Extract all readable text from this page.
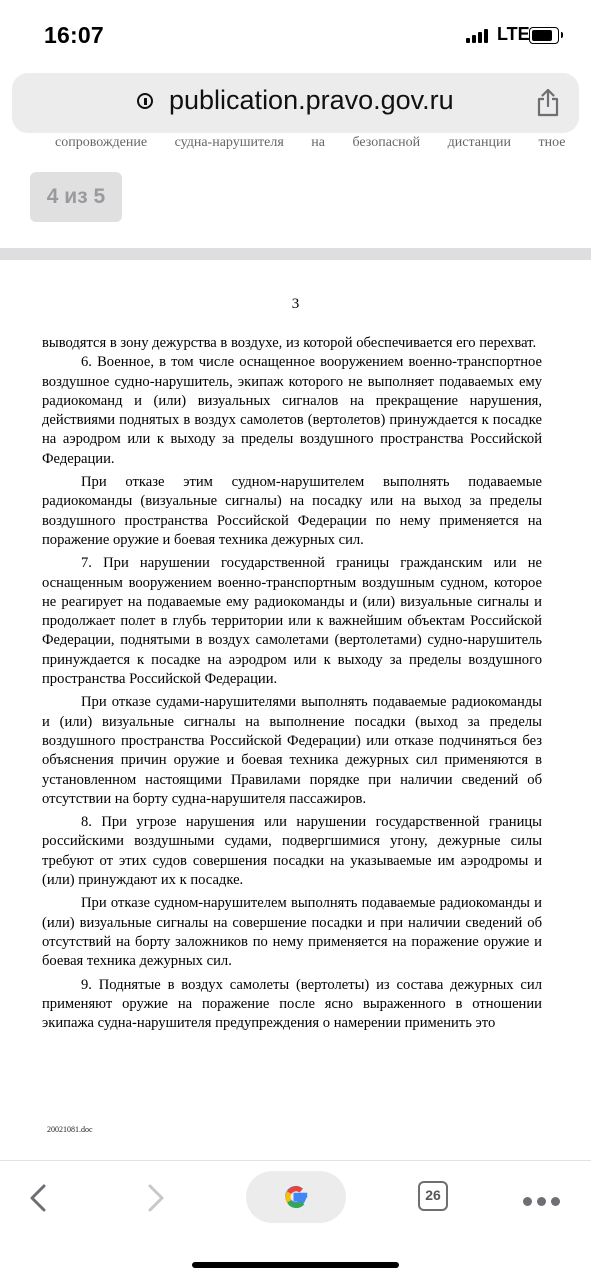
16:07	LTE
publication.pravo.gov.ru
сопровождение судна-нарушителя на безопасной дистанции тное
4 из 5
3

выводятся в зону дежурства в воздухе, из которой обеспечивается его перехват.

6. Военное, в том числе оснащенное вооружением военно-транспортное воздушное судно-нарушитель, экипаж которого не выполняет подаваемых ему радиокоманд и (или) визуальных сигналов на прекращение нарушения, действиями поднятых в воздух самолетов (вертолетов) принуждается к посадке на аэродром или к выходу за пределы воздушного пространства Российской Федерации.

При отказе этим судном-нарушителем выполнять подаваемые радиокоманды (визуальные сигналы) на посадку или на выход за пределы воздушного пространства Российской Федерации по нему применяется на поражение оружие и боевая техника дежурных сил.

7. При нарушении государственной границы гражданским или не оснащенным вооружением военно-транспортным воздушным судном, которое не реагирует на подаваемые ему радиокоманды и (или) визуальные сигналы и продолжает полет в глубь территории или к важнейшим объектам Российской Федерации, поднятыми в воздух самолетами (вертолетами) судно-нарушитель принуждается к посадке на аэродром или к выходу за пределы воздушного пространства Российской Федерации.

При отказе судами-нарушителями выполнять подаваемые радиокоманды и (или) визуальные сигналы на выполнение посадки (выход за пределы воздушного пространства Российской Федерации) или отказе подчиняться без объяснения причин оружие и боевая техника дежурных сил применяются в установленном настоящими Правилами порядке при наличии сведений об отсутствии на борту судна-нарушителя пассажиров.

8. При угрозе нарушения или нарушении государственной границы российскими воздушными судами, подвергшимися угону, дежурные силы требуют от этих судов совершения посадки на указываемые им аэродромы и (или) принуждают их к посадке.

При отказе судном-нарушителем выполнять подаваемые радиокоманды и (или) визуальные сигналы на совершение посадки и при наличии сведений об отсутствий на борту заложников по нему применяется на поражение оружие и боевая техника дежурных сил.

9. Поднятые в воздух самолеты (вертолеты) из состава дежурных сил применяют оружие на поражение после ясно выраженного в отношении экипажа судна-нарушителя предупреждения о намерении применить это

20021081.doc
26
